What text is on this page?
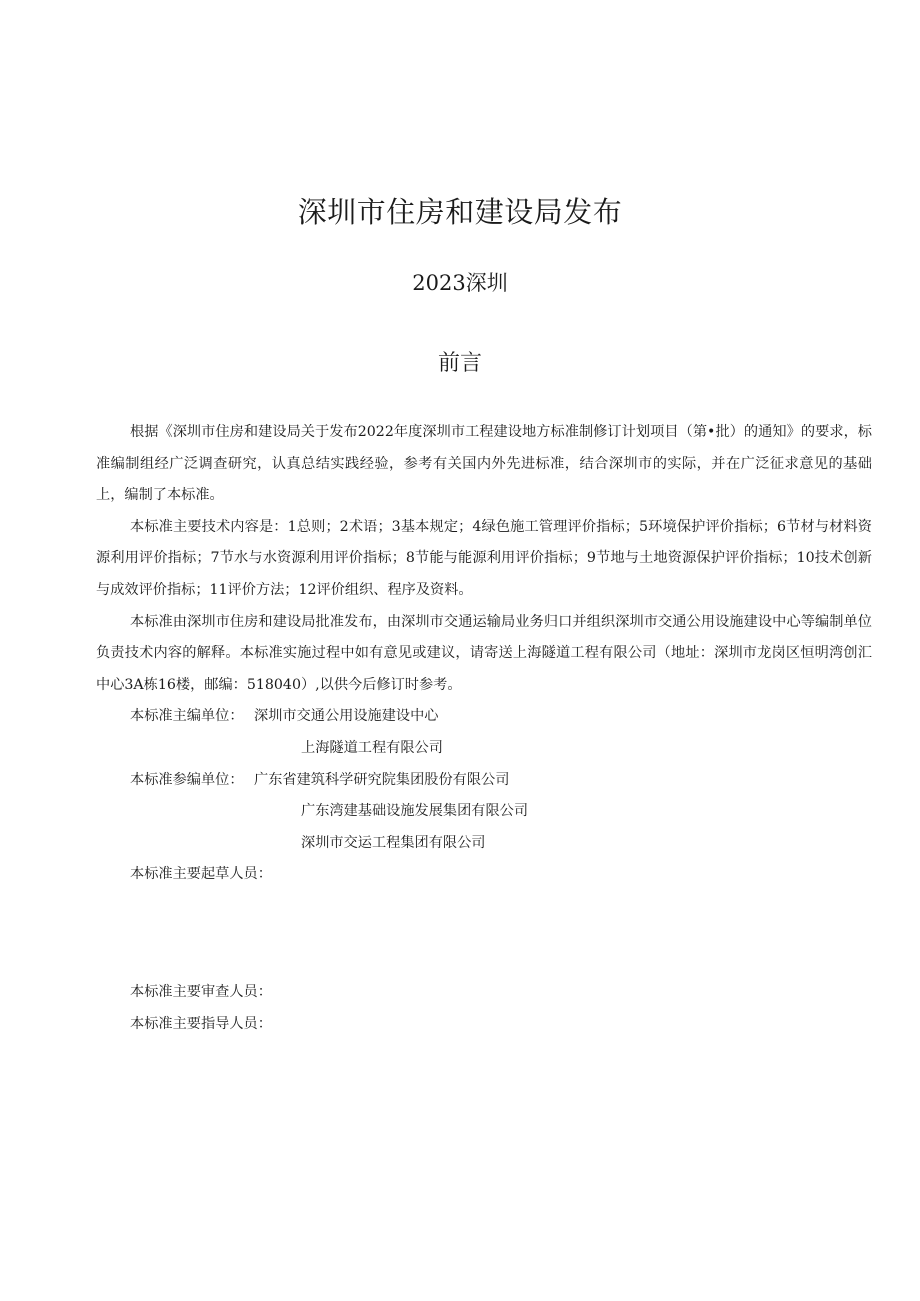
深圳市住房和建设局发布
2023深圳
前言

根据《深圳市住房和建设局关于发布2022年度深圳市工程建设地方标准制修订计划项目（第•批）的通知》的要求，标准编制组经广泛调查研究，认真总结实践经验，参考有关国内外先进标准，结合深圳市的实际，并在广泛征求意见的基础上，编制了本标准。

本标准主要技术内容是：1总则；2术语；3基本规定；4绿色施工管理评价指标；5环境保护评价指标；6节材与材料资源利用评价指标；7节水与水资源利用评价指标；8节能与能源利用评价指标；9节地与土地资源保护评价指标；10技术创新与成效评价指标；11评价方法；12评价组织、程序及资料。

本标准由深圳市住房和建设局批准发布，由深圳市交通运输局业务归口并组织深圳市交通公用设施建设中心等编制单位负责技术内容的解释。本标准实施过程中如有意见或建议，请寄送上海隧道工程有限公司（地址：深圳市龙岗区恒明湾创汇中心3A栋16楼，邮编：518040）,以供今后修订时参考。

本标准主编单位： 深圳市交通公用设施建设中心
上海隧道工程有限公司
本标准参编单位： 广东省建筑科学研究院集团股份有限公司
广东湾建基础设施发展集团有限公司
深圳市交运工程集团有限公司
本标准主要起草人员：
本标准主要审查人员：
本标准主要指导人员：
